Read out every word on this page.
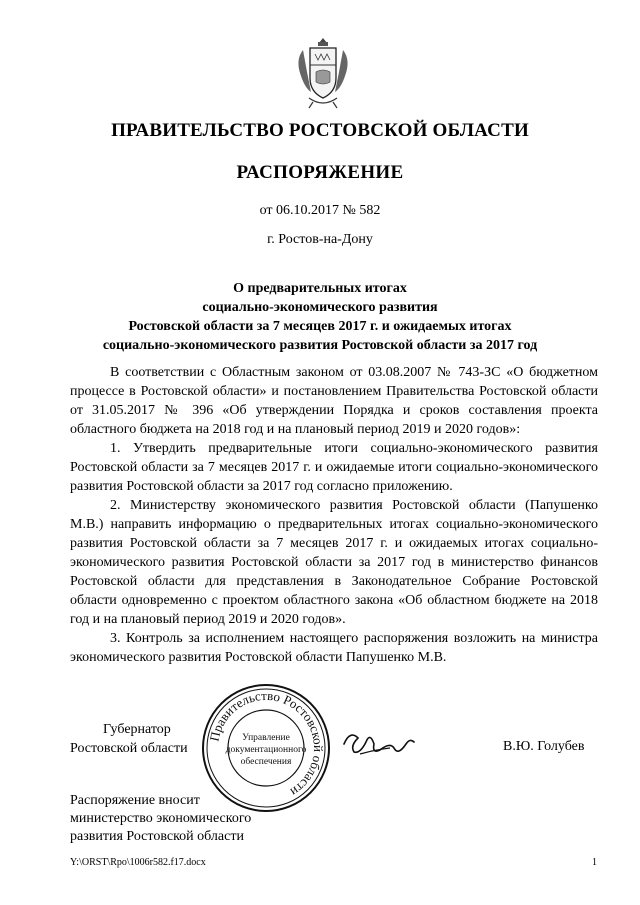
ПРАВИТЕЛЬСТВО РОСТОВСКОЙ ОБЛАСТИ
РАСПОРЯЖЕНИЕ
от 06.10.2017 № 582
г. Ростов-на-Дону
О предварительных итогах
социально-экономического развития
Ростовской области за 7 месяцев 2017 г. и ожидаемых итогах
социально-экономического развития Ростовской области за 2017 год

В соответствии с Областным законом от 03.08.2007 № 743-ЗС «О бюджетном процессе в Ростовской области» и постановлением Правительства Ростовской области от 31.05.2017 № 396 «Об утверждении Порядка и сроков составления проекта областного бюджета на 2018 год и на плановый период 2019 и 2020 годов»:

1. Утвердить предварительные итоги социально-экономического развития Ростовской области за 7 месяцев 2017 г. и ожидаемые итоги социально-экономического развития Ростовской области за 2017 год согласно приложению.

2. Министерству экономического развития Ростовской области (Папушенко М.В.) направить информацию о предварительных итогах социально-экономического развития Ростовской области за 7 месяцев 2017 г. и ожидаемых итогах социально-экономического развития Ростовской области за 2017 год в министерство финансов Ростовской области для представления в Законодательное Собрание Ростовской области одновременно с проектом областного закона «Об областном бюджете на 2018 год и на плановый период 2019 и 2020 годов».

3. Контроль за исполнением настоящего распоряжения возложить на министра экономического развития Ростовской области Папушенко М.В.

Губернатор
Ростовской области
Правительство Ростовской области
Управление
документационного
обеспечения
В.Ю. Голубев
Распоряжение вносит
министерство экономического
развития Ростовской области
Y:\ORST\Rpo\1006r582.f17.docx	1
